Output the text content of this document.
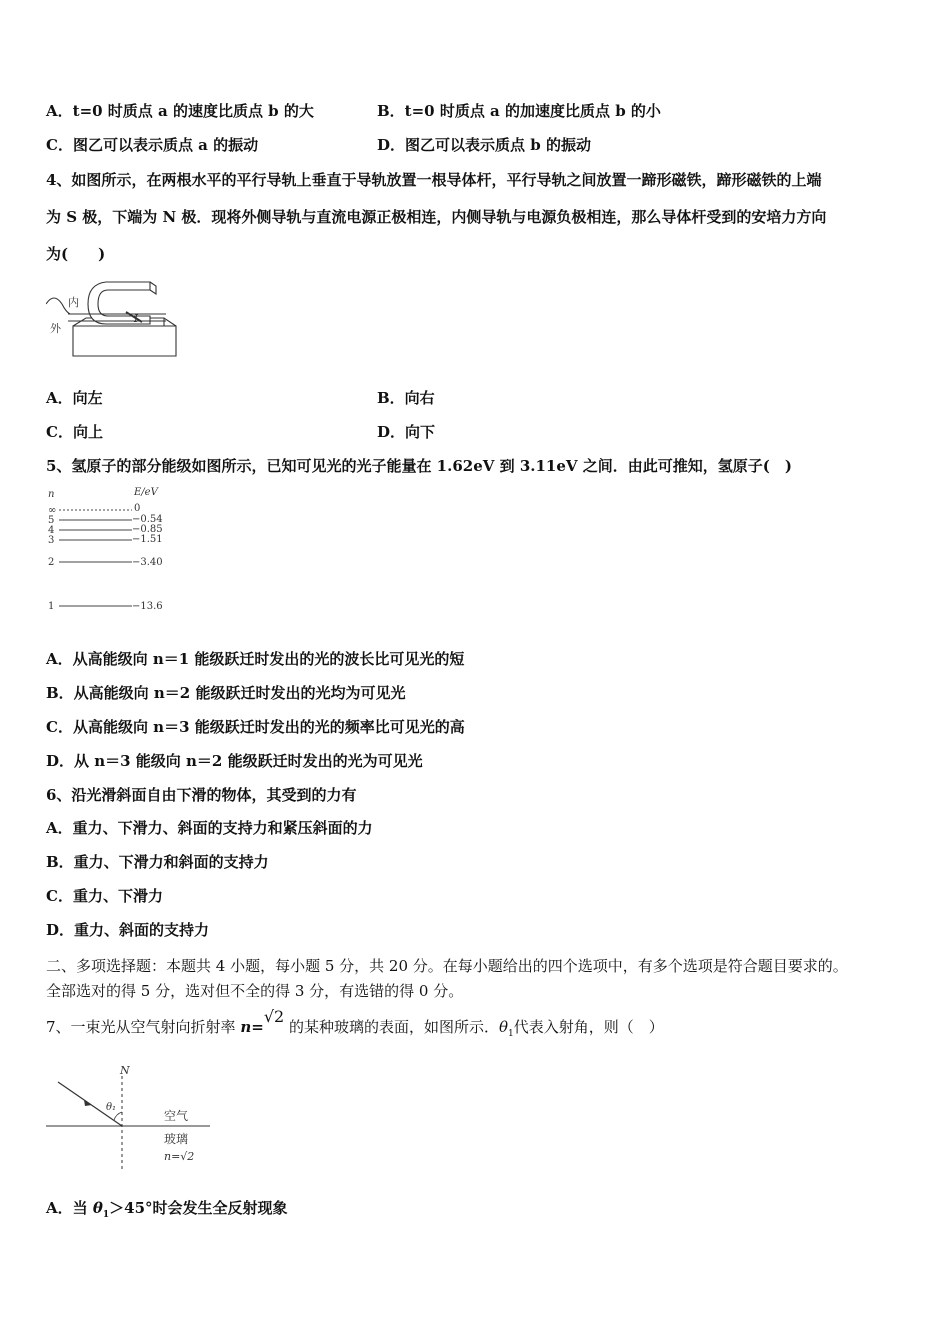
A．t=0 时质点 a 的速度比质点 b 的大	B．t=0 时质点 a 的加速度比质点 b 的小
C．图乙可以表示质点 a 的振动	D．图乙可以表示质点 b 的振动
4、如图所示，在两根水平的平行导轨上垂直于导轨放置一根导体杆，平行导轨之间放置一蹄形磁铁，蹄形磁铁的上端
为 S 极，下端为 N 极．现将外侧导轨与直流电源正极相连，内侧导轨与电源负极相连，那么导体杆受到的安培力方向
为(　　)
内
外
I
A．向左	B．向右
C．向上	D．向下
5、氢原子的部分能级如图所示，已知可见光的光子能量在 1.62eV 到 3.11eV 之间．由此可推知，氢原子(　)
n	E/eV
∞	0
5	−0.54
4	−0.85
3	−1.51
2	−3.40
1	−13.6
A．从高能级向 n＝1 能级跃迁时发出的光的波长比可见光的短
B．从高能级向 n＝2 能级跃迁时发出的光均为可见光
C．从高能级向 n＝3 能级跃迁时发出的光的频率比可见光的高
D．从 n＝3 能级向 n＝2 能级跃迁时发出的光为可见光
6、沿光滑斜面自由下滑的物体，其受到的力有
A．重力、下滑力、斜面的支持力和紧压斜面的力
B．重力、下滑力和斜面的支持力
C．重力、下滑力
D．重力、斜面的支持力
二、多项选择题：本题共 4 小题，每小题 5 分，共 20 分。在每小题给出的四个选项中，有多个选项是符合题目要求的。
全部选对的得 5 分，选对但不全的得 3 分，有选错的得 0 分。
7、一束光从空气射向折射率 n=√2 的某种玻璃的表面，如图所示．$\theta_1$代表入射角，则（　）
N
θ₁
空气
玻璃
n=√2
A．当 $\theta_1>45^\circ$时会发生全反射现象
